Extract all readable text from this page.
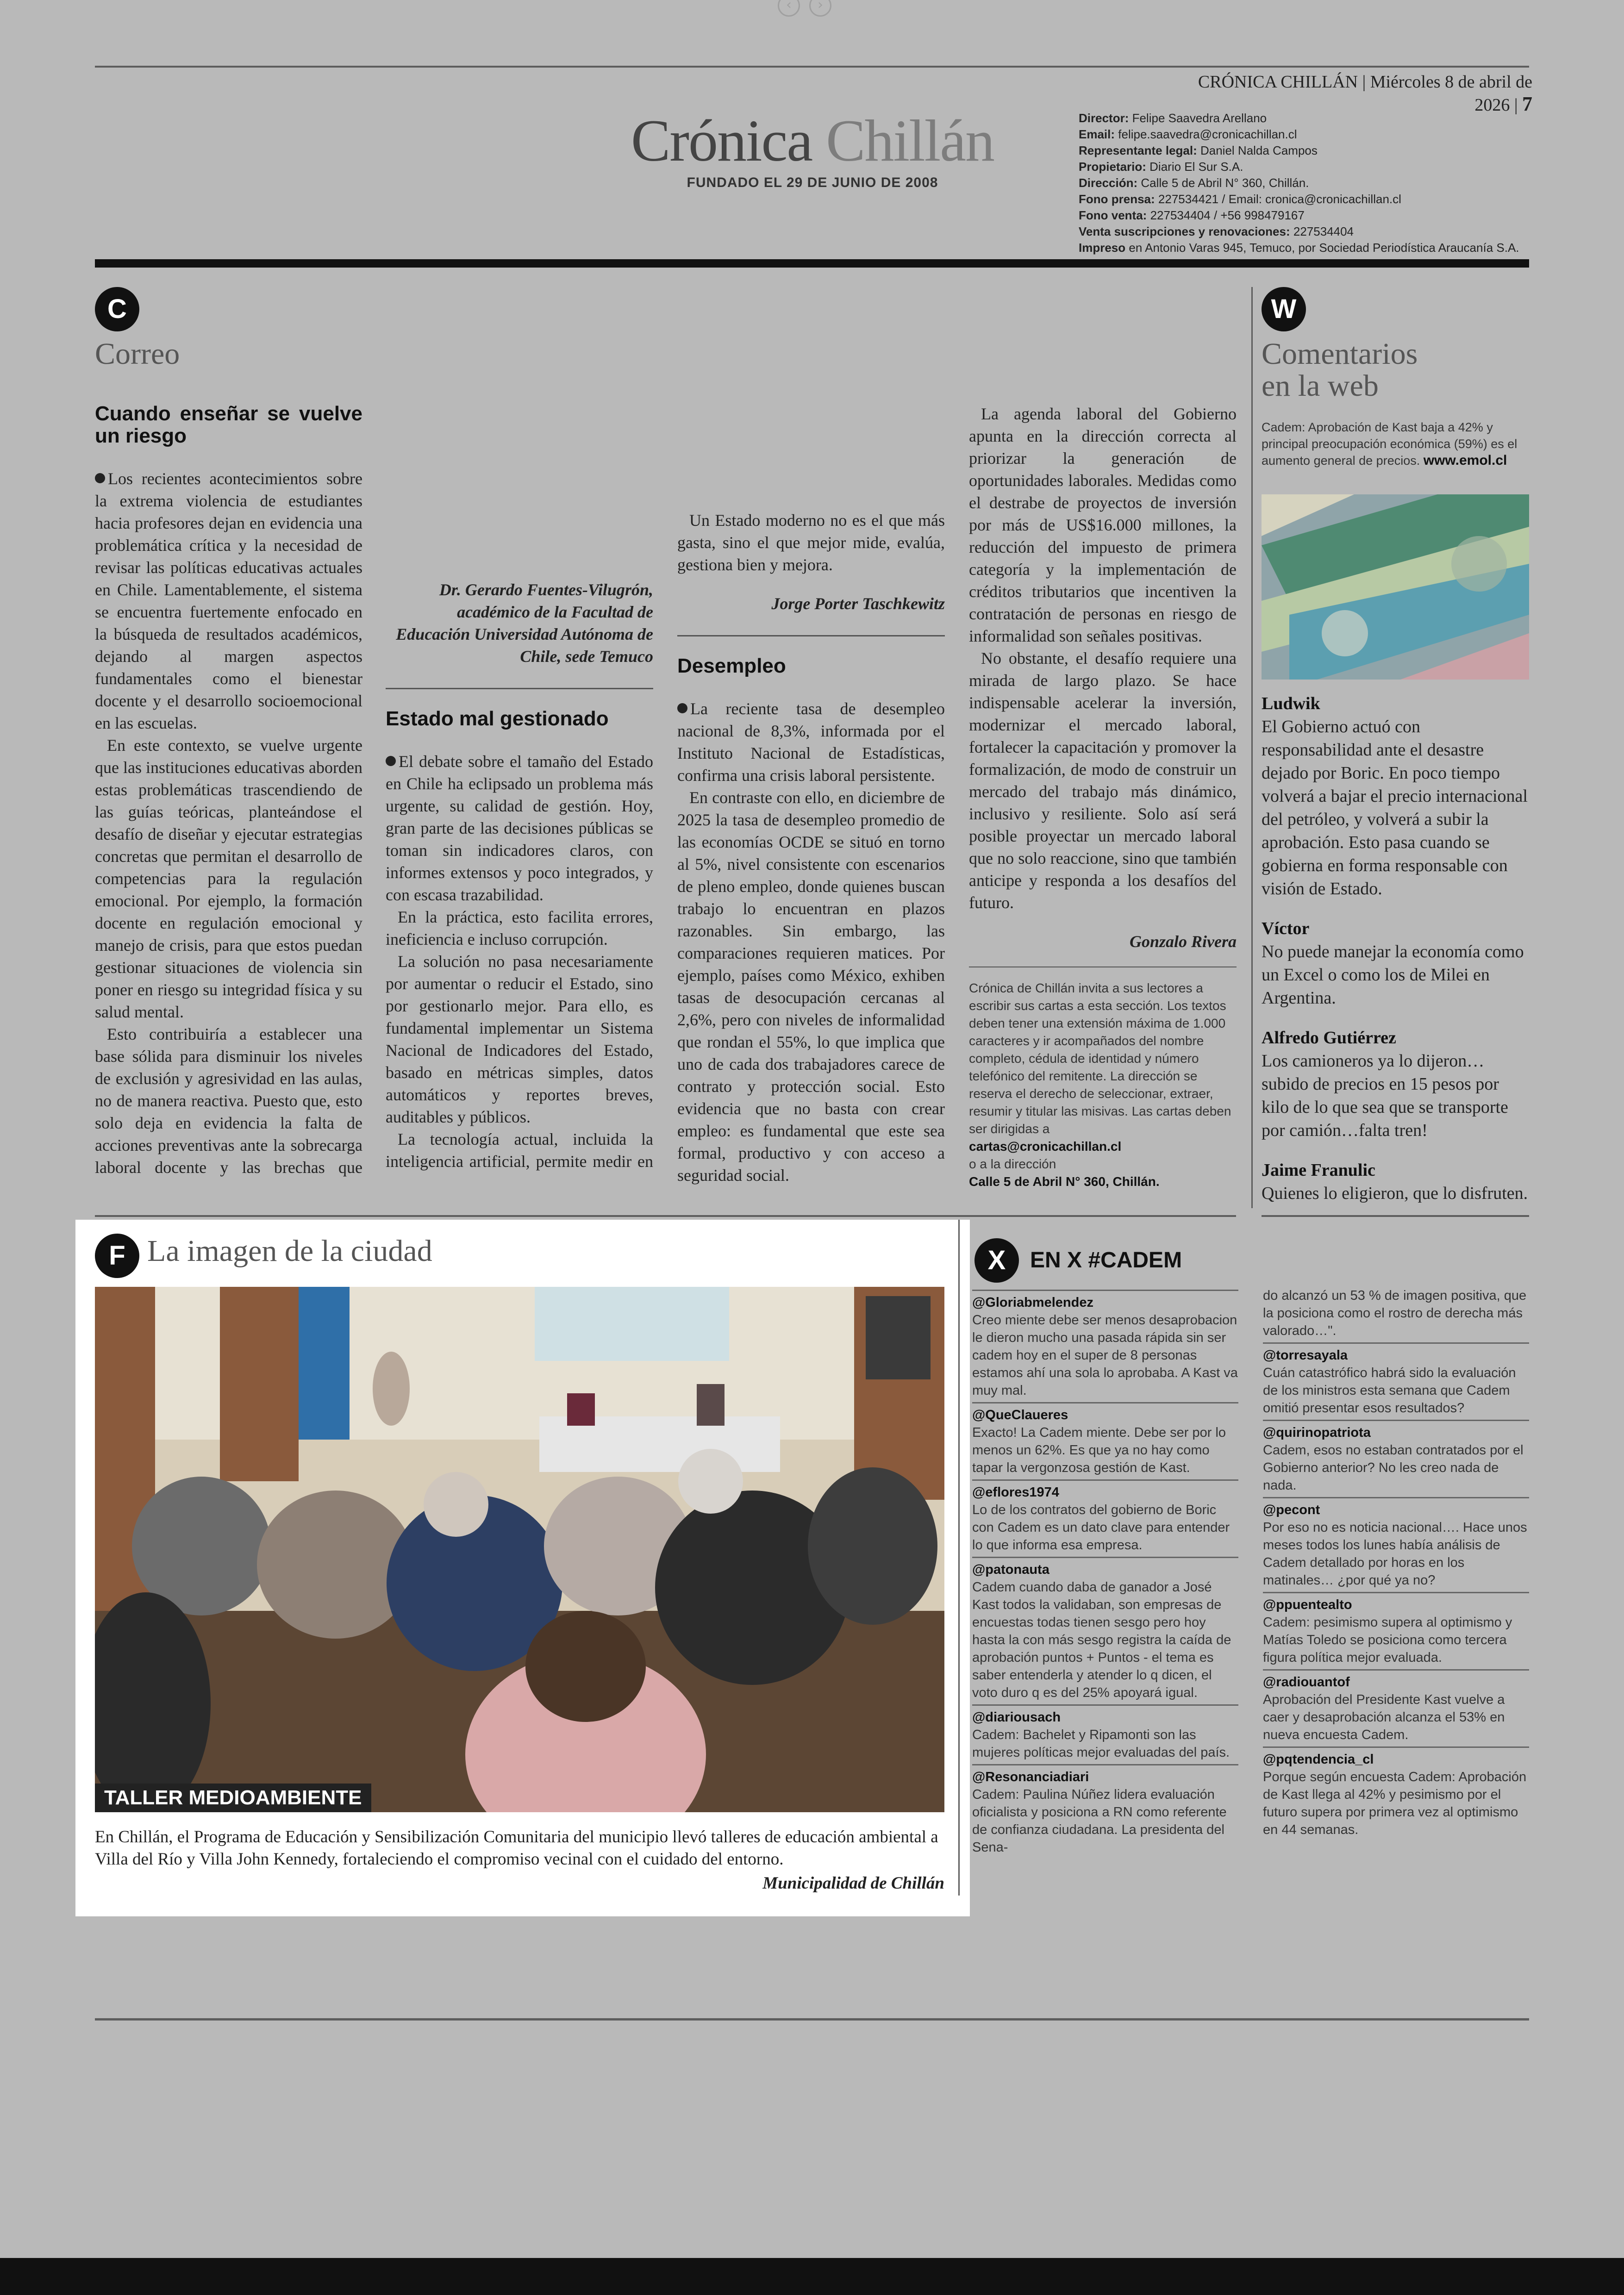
‹	›
CRÓNICA CHILLÁN | Miércoles 8 de abril de 2026 | 7
Crónica Chillán
FUNDADO EL 29 DE JUNIO DE 2008
Director: Felipe Saavedra Arellano
Email: felipe.saavedra@cronicachillan.cl
Representante legal: Daniel Nalda Campos
Propietario: Diario El Sur S.A.
Dirección: Calle 5 de Abril N° 360, Chillán.
Fono prensa: 227534421 / Email: cronica@cronicachillan.cl
Fono venta: 227534404 / +56 998479167
Venta suscripciones y renovaciones: 227534404
Impreso en Antonio Varas 945, Temuco, por Sociedad Periodística Araucanía S.A.
C
Correo
Cuando enseñar se vuelve un riesgo

Los recientes acontecimientos sobre la extrema violencia de estudiantes hacia profesores dejan en evidencia una problemática crítica y la necesidad de revisar las políticas educativas actuales en Chile. Lamentablemente, el sistema se encuentra fuertemente enfocado en la búsqueda de resultados académicos, dejando al margen aspectos fundamentales como el bienestar docente y el desarrollo socioemocional en las escuelas.

En este contexto, se vuelve urgente que las instituciones educativas aborden estas problemáticas trascendiendo de las guías teóricas, planteándose el desafío de diseñar y ejecutar estrategias concretas que permitan el desarrollo de competencias para la regulación emocional. Por ejemplo, la formación docente en regulación emocional y manejo de crisis, para que estos puedan gestionar situaciones de violencia sin poner en riesgo su integridad física y su salud mental.

Esto contribuiría a establecer una base sólida para disminuir los niveles de exclusión y agresividad en las aulas, no de manera reactiva. Puesto que, esto solo deja en evidencia la falta de acciones preventivas ante la sobrecarga laboral docente y las brechas que

Dr. Gerardo Fuentes-Vilugrón, académico de la Facultad de Educación Universidad Autónoma de Chile, sede Temuco

Estado mal gestionado

El debate sobre el tamaño del Estado en Chile ha eclipsado un problema más urgente, su calidad de gestión. Hoy, gran parte de las decisiones públicas se toman sin indicadores claros, con informes extensos y poco integrados, y con escasa trazabilidad.

En la práctica, esto facilita errores, ineficiencia e incluso corrupción.

La solución no pasa necesariamente por aumentar o reducir el Estado, sino por gestionarlo mejor. Para ello, es fundamental implementar un Sistema Nacional de Indicadores del Estado, basado en métricas simples, datos automáticos y reportes breves, auditables y públicos.

La tecnología actual, incluida la inteligencia artificial, permite medir en

Un Estado moderno no es el que más gasta, sino el que mejor mide, evalúa, gestiona bien y mejora.

Jorge Porter Taschkewitz

Desempleo

La reciente tasa de desempleo nacional de 8,3%, informada por el Instituto Nacional de Estadísticas, confirma una crisis laboral persistente.

En contraste con ello, en diciembre de 2025 la tasa de desempleo promedio de las economías OCDE se situó en torno al 5%, nivel consistente con escenarios de pleno empleo, donde quienes buscan trabajo lo encuentran en plazos razonables. Sin embargo, las comparaciones requieren matices. Por ejemplo, países como México, exhiben tasas de desocupación cercanas al 2,6%, pero con niveles de informalidad que rondan el 55%, lo que implica que uno de cada dos trabajadores carece de contrato y protección social. Esto evidencia que no basta con crear empleo: es fundamental que este sea formal, productivo y con acceso a seguridad social.

La agenda laboral del Gobierno apunta en la dirección correcta al priorizar la generación de oportunidades laborales. Medidas como el destrabe de proyectos de inversión por más de US$16.000 millones, la reducción del impuesto de primera categoría y la implementación de créditos tributarios que incentiven la contratación de personas en riesgo de informalidad son señales positivas.

No obstante, el desafío requiere una mirada de largo plazo. Se hace indispensable acelerar la inversión, modernizar el mercado laboral, fortalecer la capacitación y promover la formalización, de modo de construir un mercado del trabajo más dinámico, inclusivo y resiliente. Solo así será posible proyectar un mercado laboral que no solo reaccione, sino que también anticipe y responda a los desafíos del futuro.

Gonzalo Rivera

Crónica de Chillán invita a sus lectores a escribir sus cartas a esta sección. Los textos deben tener una extensión máxima de 1.000 caracteres y ir acompañados del nombre completo, cédula de identidad y número telefónico del remitente. La dirección se reserva el derecho de seleccionar, extraer, resumir y titular las misivas. Las cartas deben ser dirigidas a
cartas@cronicachillan.cl
o a la dirección
Calle 5 de Abril N° 360, Chillán.
W
Comentarios
en la web
Cadem: Aprobación de Kast baja a 42% y principal preocupación económica (59%) es el aumento general de precios. www.emol.cl
Ludwik
El Gobierno actuó con responsabilidad ante el desastre dejado por Boric. En poco tiempo volverá a bajar el precio internacional del petróleo, y volverá a subir la aprobación. Esto pasa cuando se gobierna en forma responsable con visión de Estado.
Víctor
No puede manejar la economía como un Excel o como los de Milei en Argentina.
Alfredo Gutiérrez
Los camioneros ya lo dijeron…subido de precios en 15 pesos por kilo de lo que sea que se transporte por camión…falta tren!
Jaime Franulic
Quienes lo eligieron, que lo disfruten.
F La imagen de la ciudad
TALLER MEDIOAMBIENTE
En Chillán, el Programa de Educación y Sensibilización Comunitaria del municipio llevó talleres de educación ambiental a Villa del Río y Villa John Kennedy, fortaleciendo el compromiso vecinal con el cuidado del entorno.
Municipalidad de Chillán
X	EN X #CADEM
@Gloriabmelendez
Creo miente debe ser menos desaprobacion le dieron mucho una pasada rápida sin ser cadem hoy en el super de 8 personas estamos ahí una sola lo aprobaba. A Kast va muy mal.
@QueClaueres
Exacto! La Cadem miente. Debe ser por lo menos un 62%. Es que ya no hay como tapar la vergonzosa gestión de Kast.
@eflores1974
Lo de los contratos del gobierno de Boric con Cadem es un dato clave para entender lo que informa esa empresa.
@patonauta
Cadem cuando daba de ganador a José Kast todos la validaban, son empresas de encuestas todas tienen sesgo pero hoy hasta la con más sesgo registra la caída de aprobación puntos + Puntos - el tema es saber entenderla y atender lo q dicen, el voto duro q es del 25% apoyará igual.
@diariousach
Cadem: Bachelet y Ripamonti son las mujeres políticas mejor evaluadas del país.
@Resonanciadiari
Cadem: Paulina Núñez lidera evaluación oficialista y posiciona a RN como referente de confianza ciudadana. La presidenta del Sena-
do alcanzó un 53 % de imagen positiva, que la posiciona como el rostro de derecha más valorado…".
@torresayala
Cuán catastrófico habrá sido la evaluación de los ministros esta semana que Cadem omitió presentar esos resultados?
@quirinopatriota
Cadem, esos no estaban contratados por el Gobierno anterior? No les creo nada de nada.
@pecont
Por eso no es noticia nacional…. Hace unos meses todos los lunes había análisis de Cadem detallado por horas en los matinales… ¿por qué ya no?
@ppuentealto
Cadem: pesimismo supera al optimismo y Matías Toledo se posiciona como tercera figura política mejor evaluada.
@radiouantof
Aprobación del Presidente Kast vuelve a caer y desaprobación alcanza el 53% en nueva encuesta Cadem.
@pqtendencia_cl
Porque según encuesta Cadem: Aprobación de Kast llega al 42% y pesimismo por el futuro supera por primera vez al optimismo en 44 semanas.
